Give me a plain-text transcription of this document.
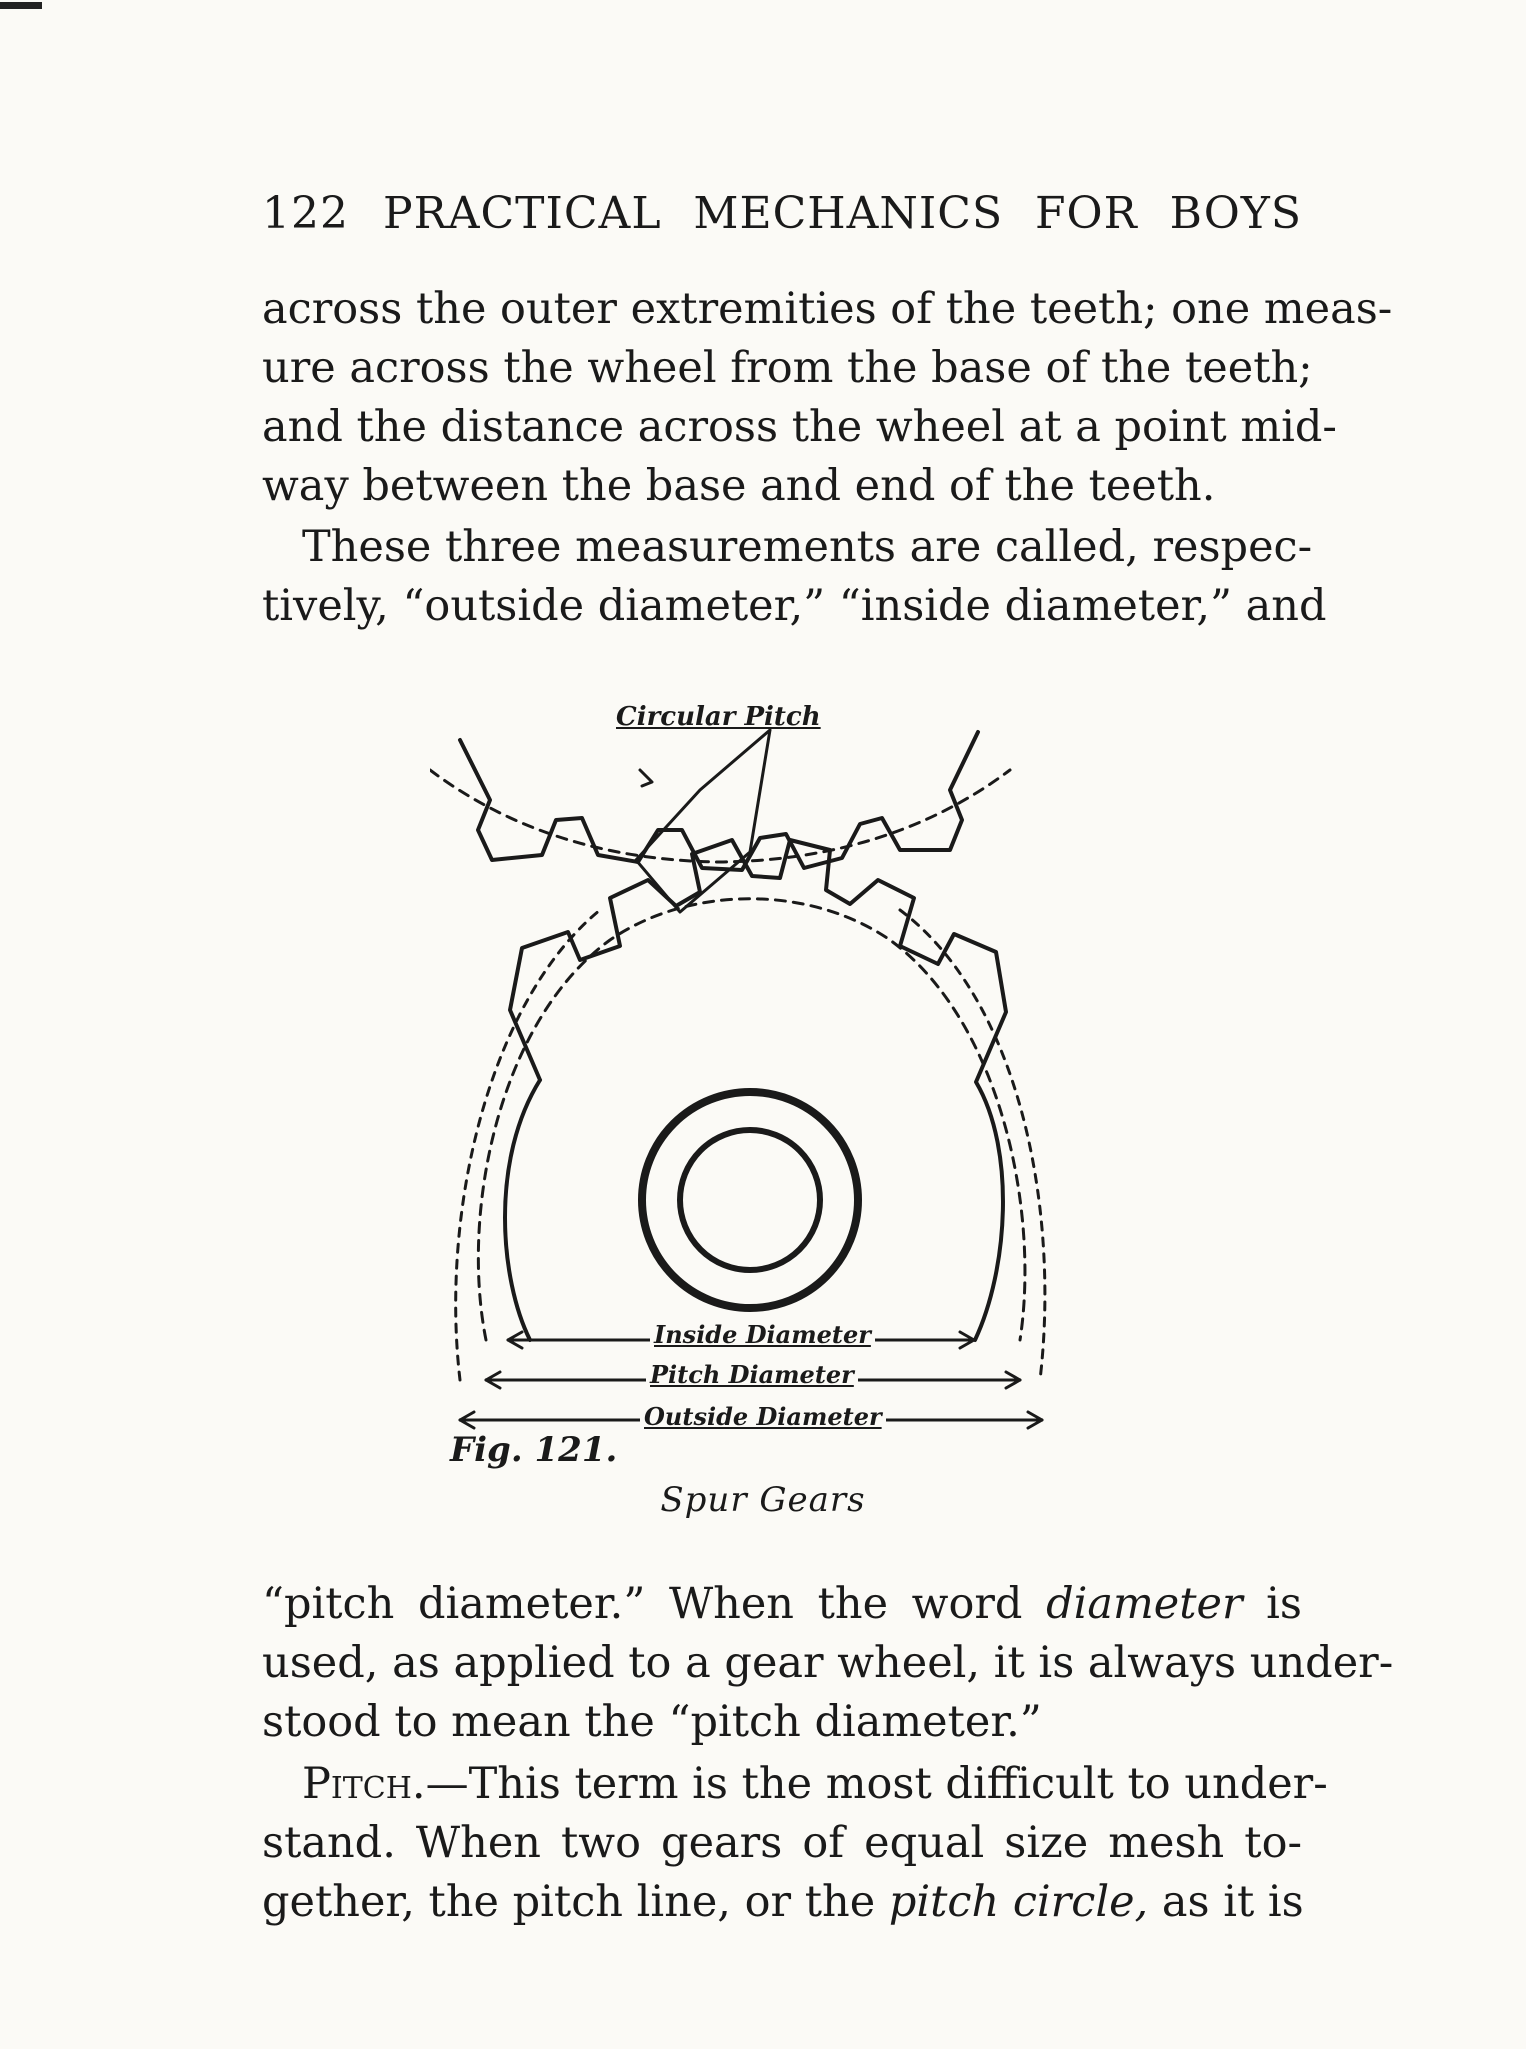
122 PRACTICAL MECHANICS FOR BOYS
across the outer extremities of the teeth; one meas-
ure across the wheel from the base of the teeth;
and the distance across the wheel at a point mid-
way between the base and end of the teeth.
These three measurements are called, respec-
tively, “outside diameter,” “inside diameter,” and
Circular Pitch
Inside Diameter
Pitch Diameter
Outside Diameter
Fig. 121.
Spur Gears
“pitch diameter.” When the word diameter is
used, as applied to a gear wheel, it is always under-
stood to mean the “pitch diameter.”
Pitch.—This term is the most difficult to under-
stand. When two gears of equal size mesh to-
gether, the pitch line, or the pitch circle, as it is
